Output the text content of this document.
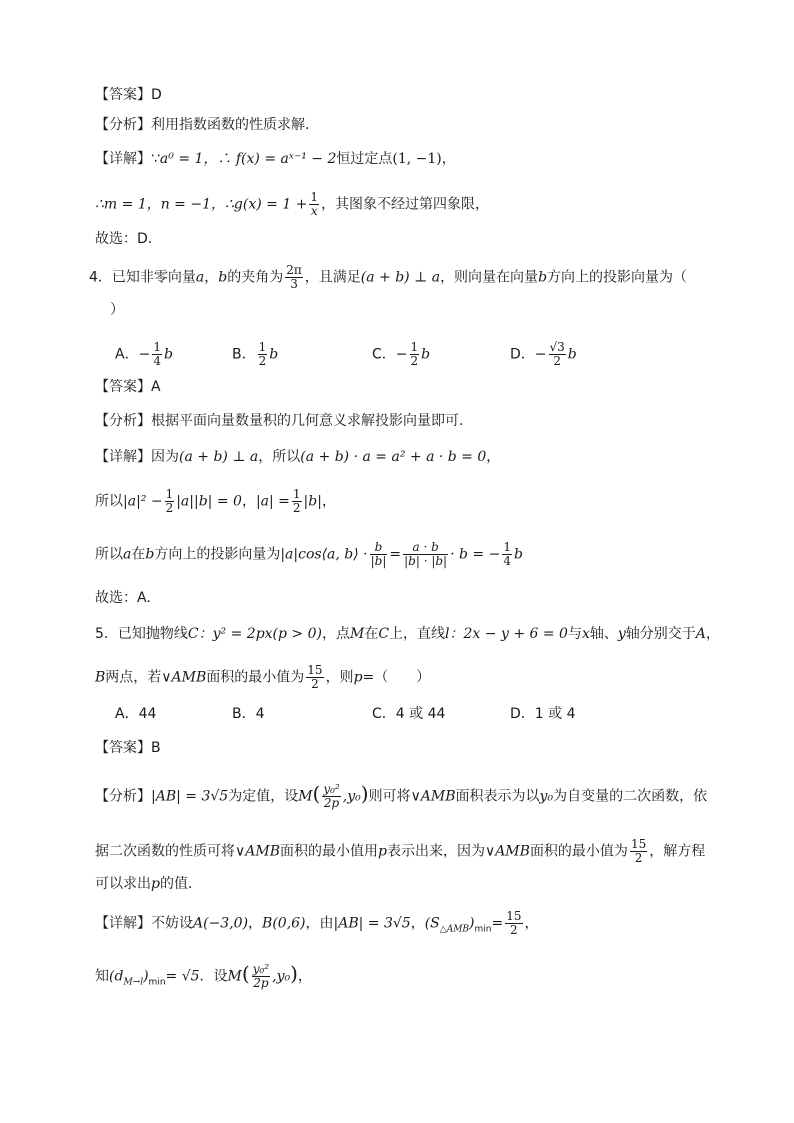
【答案】D
【分析】利用指数函数的性质求解.
【详解】∵a⁰ = 1，∴ f(x) = aˣ⁻¹ − 2恒过定点(1, −1)，
∴m = 1，n = −1，∴g(x) = $1 + \frac{1}{x}$ ，其图象不经过第四象限，
故选：D.
4．已知非零向量a，b的夹角为 $\frac{2\pi}{3}$ ，且满足(a + b) ⊥ a，则向量在向量b方向上的投影向量为（
）
A．− $\frac{1}{4}$ b	B． $\frac{1}{2}$ b	C．− $\frac{1}{2}$ b	D．− $\frac{√3}{2}$ b
【答案】A
【分析】根据平面向量数量积的几何意义求解投影向量即可.
【详解】因为(a + b) ⊥ a，所以(a + b) · a = a² + a · b = 0，
所以$|a|^2 - \frac{1}{2} |a||b| = 0$，$|a| = \frac{1}{2} |b|$，
所以a在b方向上的投影向量为|a|cos⟨a, b⟩ · $\frac{b}{|b|} = \frac{a \cdot b}{|b| \cdot |b|} \cdot b$ = − $\frac{1}{4}$ b
故选：A.
5．已知抛物线C：y² = 2px(p > 0)，点M在C上，直线l：2x − y + 6 = 0与x轴、y轴分别交于A，
B两点，若∨AMB面积的最小值为 $\frac{15}{2}$ ，则p=（　　）
A．44	B．4	C．4 或 44	D．1 或 4
【答案】B
【分析】|AB| = 3√5为定值，设$M( \frac{\text{y₀²}}{2p} ,y_0)$则可将∨AMB面积表示为以y₀为自变量的二次函数，依
据二次函数的性质可将∨AMB面积的最小值用p表示出来，因为∨AMB面积的最小值为 $\frac{15}{2}$ ，解方程
可以求出p的值.
【详解】不妨设A(−3,0)，B(0,6)，由|AB| = 3√5，$(S_{\triangle AMB})_{min}= \frac{15}{2}$ ，
知$(d_{M\to l})_{min}= √5$．设$M( \frac{\text{y₀²}}{2p} ,y_0)$，
